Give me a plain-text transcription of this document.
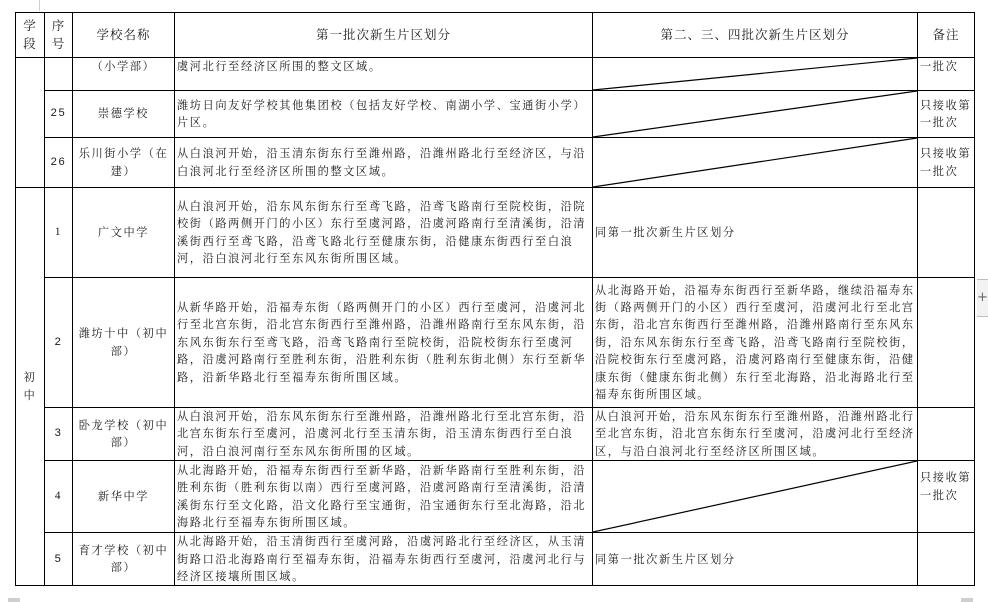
学段	序号	学校名称	第一批次新生片区划分	第二、三、四批次新生片区划分	备注
		（小学部）	虞河北行至经济区所围的整文区域。		一批次
	25	崇德学校	潍坊日向友好学校其他集团校（包括友好学校、南湖小学、宝通街小学）片区。		只接收第一批次
	26	乐川街小学（在建）	从白浪河开始，沿玉清东街东行至潍州路，沿潍州路北行至经济区，与沿白浪河北行至经济区所围的整文区域。		只接收第一批次
初中	1	广文中学	从白浪河开始，沿东风东街东行至鸢飞路，沿鸢飞路南行至院校街，沿院校街（路两侧开门的小区）东行至虞河路，沿虞河路南行至清溪街，沿清溪街西行至鸢飞路，沿鸢飞路北行至健康东街，沿健康东街西行至白浪河，沿白浪河北行至东风东街所围区域。	同第一批次新生片区划分	
	2	潍坊十中（初中部）	从新华路开始，沿福寿东街（路两侧开门的小区）西行至虞河，沿虞河北行至北宫东街，沿北宫东街西行至潍州路，沿潍州路南行至东风东街，沿东风东街东行至鸢飞路，沿鸢飞路南行至院校街，沿院校街东行至虞河路，沿虞河路南行至胜利东街，沿胜利东街（胜利东街北侧）东行至新华路，沿新华路北行至福寿东街所围区域。	从北海路开始，沿福寿东街西行至新华路，继续沿福寿东街（路两侧开门的小区）西行至虞河，沿虞河北行至北宫东街，沿北宫东街西行至潍州路，沿潍州路南行至东风东街，沿东风东街东行至鸢飞路，沿鸢飞路南行至院校街，沿院校街东行至虞河路，沿虞河路南行至健康东街，沿健康东街（健康东街北侧）东行至北海路，沿北海路北行至福寿东街所围区域。	
	3	卧龙学校（初中部）	从白浪河开始，沿东风东街东行至潍州路，沿潍州路北行至北宫东街，沿北宫东街东行至虞河，沿虞河北行至玉清东街，沿玉清东街西行至白浪河，沿白浪河南行至东风东街所围的区域。	从白浪河开始，沿东风东街东行至潍州路，沿潍州路北行至北宫东街，沿北宫东街东行至虞河，沿虞河北行至经济区，与沿白浪河北行至经济区所围区域。	
	4	新华中学	从北海路开始，沿福寿东街西行至新华路，沿新华路南行至胜利东街，沿胜利东街（胜利东街以南）西行至虞河路，沿虞河路南行至清溪街，沿清溪街东行至文化路，沿文化路行至宝通街，沿宝通街东行至北海路，沿北海路北行至福寿东街所围区域。		只接收第一批次
	5	育才学校（初中部）	从北海路开始，沿玉清街西行至虞河路，沿虞河路北行至经济区，从玉清街路口沿北海路南行至福寿东街，沿福寿东街西行至虞河，沿虞河北行与经济区接壤所围区域。	同第一批次新生片区划分	
+
